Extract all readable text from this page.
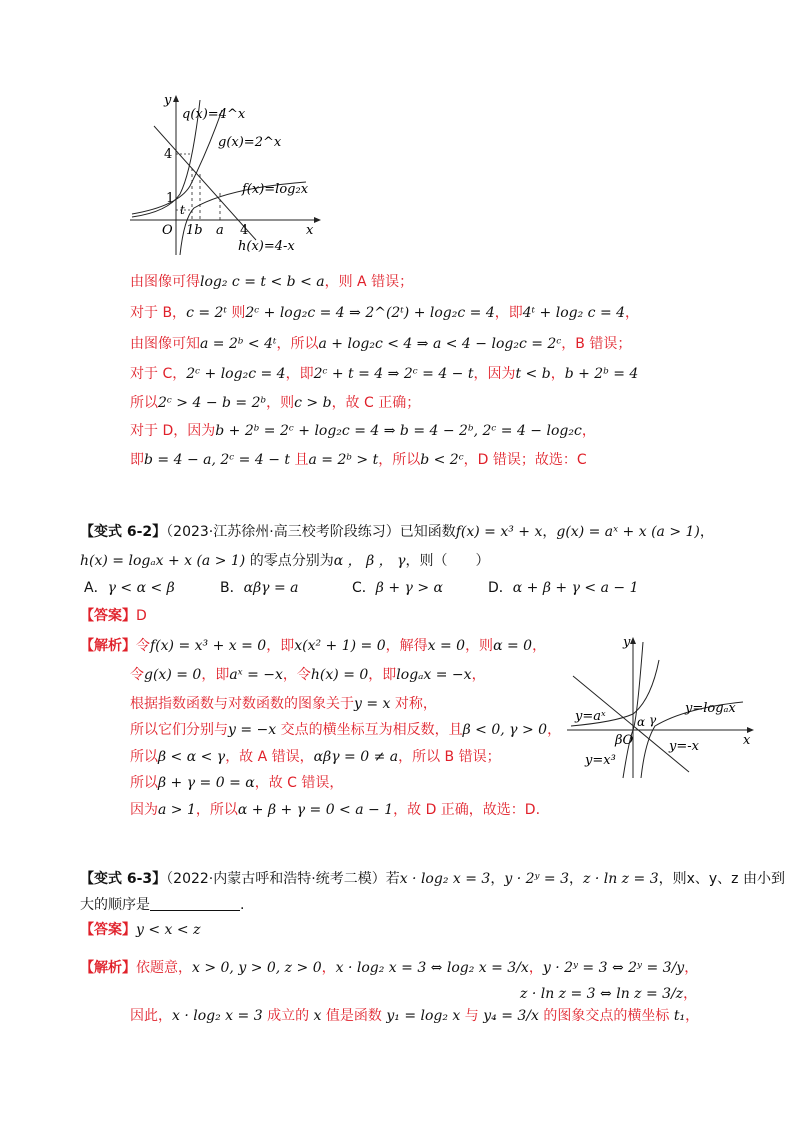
y
q(x)=4^x
g(x)=2^x
4
f(x)=log₂x
1
t
O 1b a 4	x
h(x)=4-x
由图像可得log₂ c = t < b < a，则 A 错误；
对于 B，c = 2ᵗ 则2ᶜ + log₂c = 4 ⇒ 2^(2ᵗ) + log₂c = 4，即4ᵗ + log₂ c = 4，
由图像可知a = 2ᵇ < 4ᵗ，所以a + log₂c < 4 ⇒ a < 4 − log₂c = 2ᶜ，B 错误；
对于 C，2ᶜ + log₂c = 4，即2ᶜ + t = 4 ⇒ 2ᶜ = 4 − t，因为t < b，b + 2ᵇ = 4
所以2ᶜ > 4 − b = 2ᵇ，则c > b，故 C 正确；
对于 D，因为b + 2ᵇ = 2ᶜ + log₂c = 4 ⇒ b = 4 − 2ᵇ, 2ᶜ = 4 − log₂c，
即b = 4 − a, 2ᶜ = 4 − t 且a = 2ᵇ > t，所以b < 2ᶜ，D 错误；故选：C
【变式 6-2】（2023·江苏徐州·高三校考阶段练习）已知函数f(x) = x³ + x，g(x) = aˣ + x (a > 1)，
h(x) = logₐx + x (a > 1) 的零点分别为α ， β ， γ，则（　　）
A．γ < α < β	B．αβγ = a	C．β + γ > α	D．α + β + γ < a − 1
【答案】D
【解析】令f(x) = x³ + x = 0，即x(x² + 1) = 0，解得x = 0，则α = 0，
令g(x) = 0，即aˣ = −x，令h(x) = 0，即logₐx = −x，
根据指数函数与对数函数的图象关于y = x 对称，
所以它们分别与y = −x 交点的横坐标互为相反数，且β < 0, γ > 0，
所以β < α < γ，故 A 错误，αβγ = 0 ≠ a，所以 B 错误；
所以β + γ = 0 = α，故 C 错误，
因为a > 1，所以α + β + γ = 0 < a − 1，故 D 正确，故选：D.
y
y=logₐx
y=aˣ	α γ
βO	x
y=-x
y=x³
【变式 6-3】（2022·内蒙古呼和浩特·统考二模）若x · log₂ x = 3，y · 2ʸ = 3，z · ln z = 3，则x、y、z 由小到
大的顺序是	.
【答案】y < x < z
【解析】依题意，x > 0, y > 0, z > 0，x · log₂ x = 3 ⇔ log₂ x = 3/x，y · 2ʸ = 3 ⇔ 2ʸ = 3/y，
z · ln z = 3 ⇔ ln z = 3/z，
因此，x · log₂ x = 3 成立的 x 值是函数 y₁ = log₂ x 与 y₄ = 3/x 的图象交点的横坐标 t₁，
